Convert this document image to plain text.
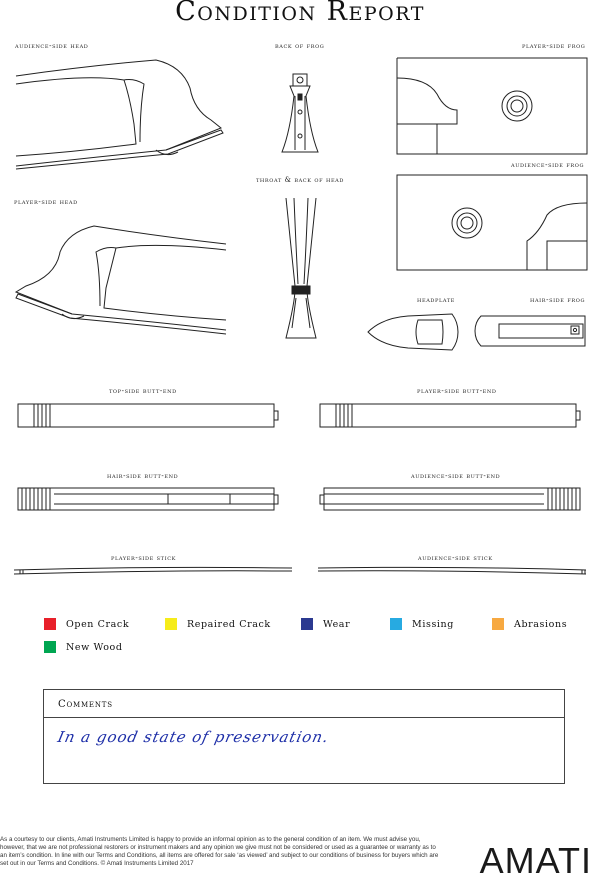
Condition Report
audience-side head	back of frog	player-side frog
audience-side frog
player-side head
throat & back of head
headplate	hair-side frog
top-side butt-end	player-side butt-end
hair-side butt-end	audience-side butt-end
player-side stick	audience-side stick
Open Crack	Repaired Crack	Wear	Missing	Abrasions
New Wood
Comments
In a good state of preservation.
As a courtesy to our clients, Amati Instruments Limited is happy to provide an informal opinion as to the general condition of an item. We must advise you, however, that we are not professional restorers or instrument makers and any opinion we give must not be considered or used as a guarantee or warranty as to an item’s condition. In line with our Terms and Conditions, all items are offered for sale ‘as viewed’ and subject to our conditions of business for buyers which are set out in our Terms and Conditions. © Amati Instruments Limited 2017	AMATI
